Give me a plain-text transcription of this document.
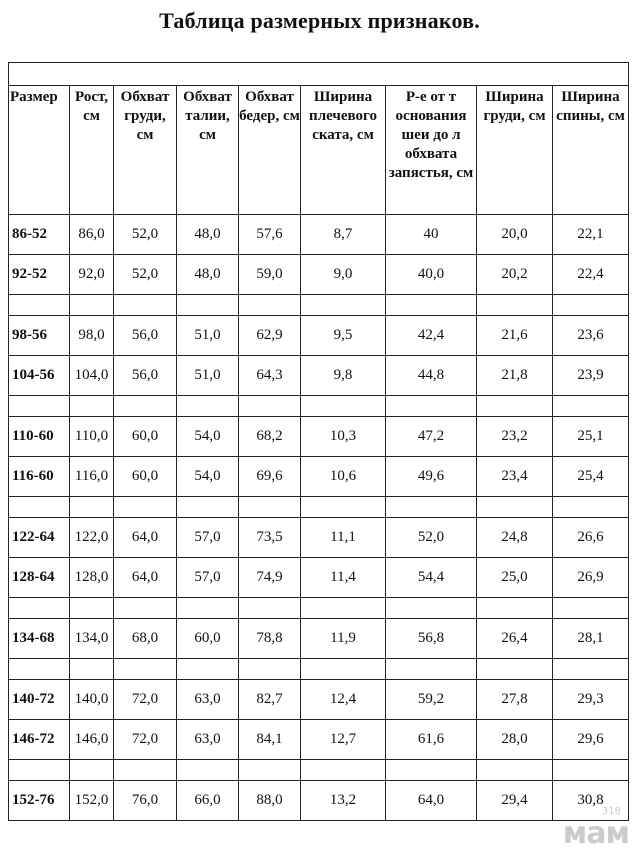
Таблица размерных признаков.

Размер	Рост, см	Обхват груди, см	Обхват талии, см	Обхват бедер, см	Ширина плечевого ската, см	Р-е от т основания шеи до л обхвата запястья, см	Ширина груди, см	Ширина спины, см
86-52	86,0	52,0	48,0	57,6	8,7	40	20,0	22,1
92-52	92,0	52,0	48,0	59,0	9,0	40,0	20,2	22,4

98-56	98,0	56,0	51,0	62,9	9,5	42,4	21,6	23,6
104-56	104,0	56,0	51,0	64,3	9,8	44,8	21,8	23,9

110-60	110,0	60,0	54,0	68,2	10,3	47,2	23,2	25,1
116-60	116,0	60,0	54,0	69,6	10,6	49,6	23,4	25,4

122-64	122,0	64,0	57,0	73,5	11,1	52,0	24,8	26,6
128-64	128,0	64,0	57,0	74,9	11,4	54,4	25,0	26,9

134-68	134,0	68,0	60,0	78,8	11,9	56,8	26,4	28,1

140-72	140,0	72,0	63,0	82,7	12,4	59,2	27,8	29,3
146-72	146,0	72,0	63,0	84,1	12,7	61,6	28,0	29,6

152-76	152,0	76,0	66,0	88,0	13,2	64,0	29,4	30,8
318
мам
